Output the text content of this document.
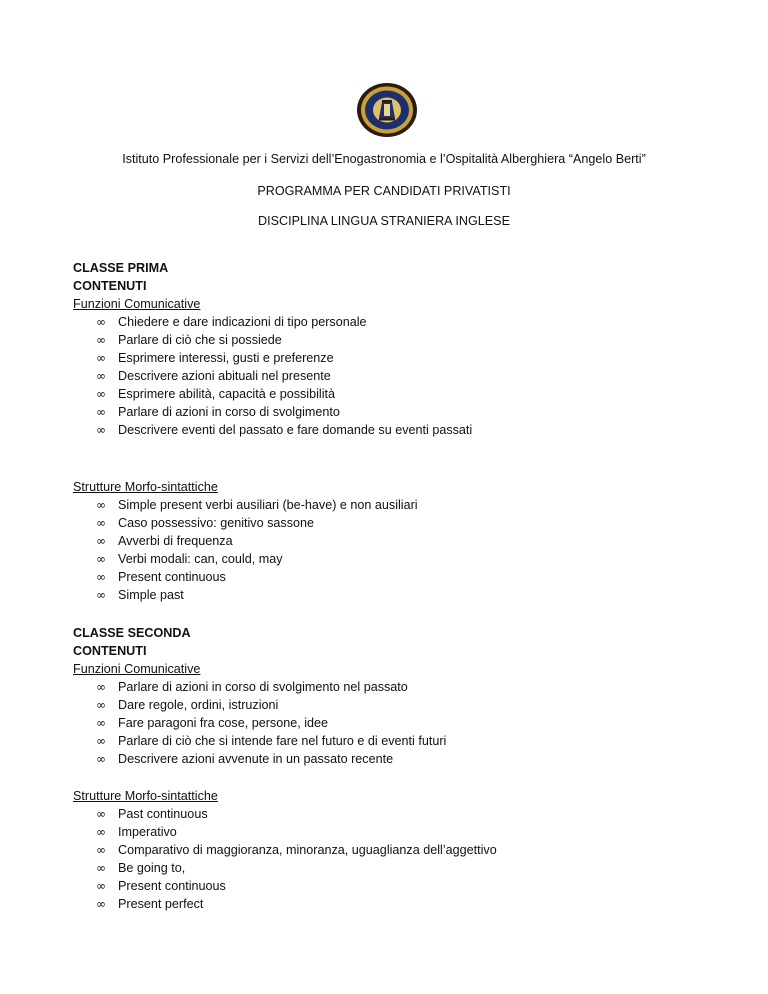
Istituto Professionale per i Servizi dell’Enogastronomia e l’Ospitalità Alberghiera “Angelo Berti”
PROGRAMMA PER CANDIDATI PRIVATISTI
DISCIPLINA LINGUA STRANIERA INGLESE
CLASSE PRIMA
CONTENUTI
Funzioni Comunicative
∞ Chiedere e dare indicazioni di tipo personale
∞ Parlare di ciò che si possiede
∞ Esprimere interessi, gusti e preferenze
∞ Descrivere azioni abituali nel presente
∞ Esprimere abilità, capacità e possibilità
∞ Parlare di azioni in corso di svolgimento
∞ Descrivere eventi del passato e fare domande su eventi passati
Strutture Morfo-sintattiche
∞ Simple present verbi ausiliari (be-have) e non ausiliari
∞ Caso possessivo: genitivo sassone
∞ Avverbi di frequenza
∞ Verbi modali: can, could, may
∞ Present continuous
∞ Simple past
CLASSE SECONDA
CONTENUTI
Funzioni Comunicative
∞ Parlare di azioni in corso di svolgimento nel passato
∞ Dare regole, ordini, istruzioni
∞ Fare paragoni fra cose, persone, idee
∞ Parlare di ciò che si intende fare nel futuro e di eventi futuri
∞ Descrivere azioni avvenute in un passato recente
Strutture Morfo-sintattiche
∞ Past continuous
∞ Imperativo
∞ Comparativo di maggioranza, minoranza, uguaglianza dell’aggettivo
∞ Be going to,
∞ Present continuous
∞ Present perfect
